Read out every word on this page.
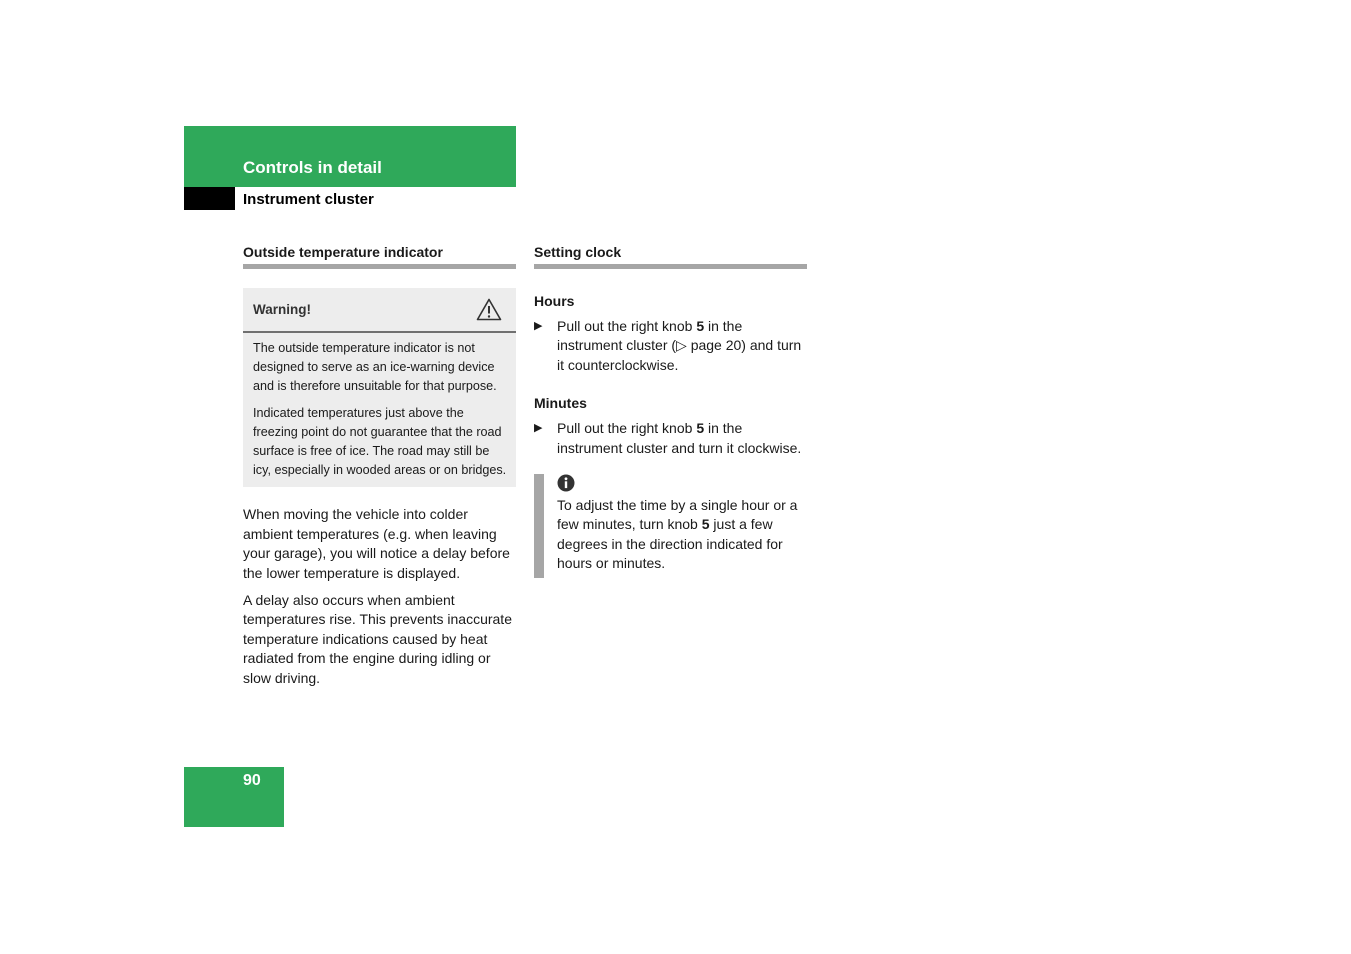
Controls in detail
Instrument cluster
Outside temperature indicator
Warning!

The outside temperature indicator is not designed to serve as an ice-warning device and is therefore unsuitable for that purpose.

Indicated temperatures just above the freezing point do not guarantee that the road surface is free of ice. The road may still be icy, especially in wooded areas or on bridges.

When moving the vehicle into colder ambient temperatures (e.g. when leaving your garage), you will notice a delay before the lower temperature is displayed.

A delay also occurs when ambient temperatures rise. This prevents inaccurate temperature indications caused by heat radiated from the engine during idling or slow driving.

Setting clock
Hours
▶	Pull out the right knob 5 in the instrument cluster (▷ page 20) and turn it counterclockwise.
Minutes
▶	Pull out the right knob 5 in the instrument cluster and turn it clockwise.
To adjust the time by a single hour or a few minutes, turn knob 5 just a few degrees in the direction indicated for hours or minutes.
90
